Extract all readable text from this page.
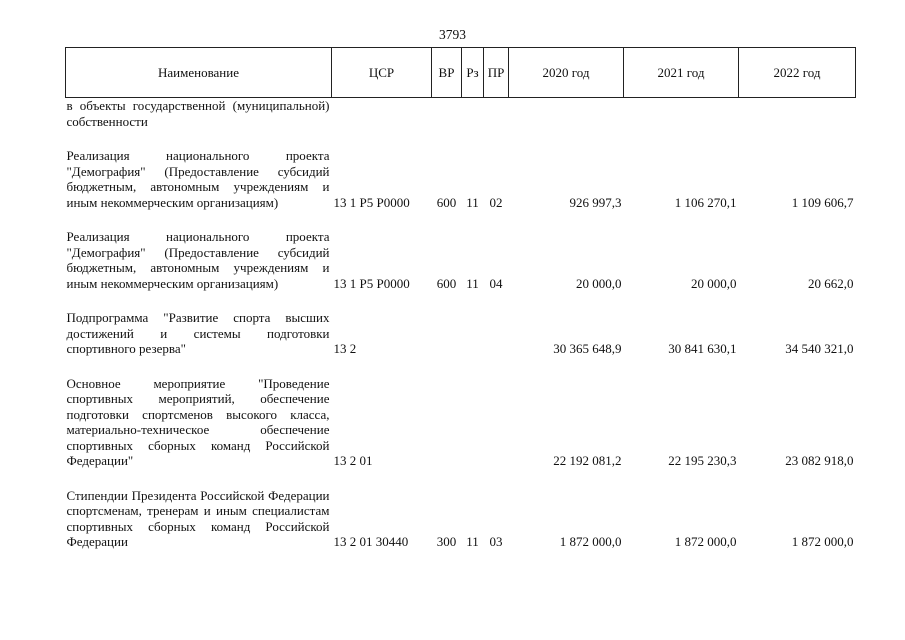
3793
Наименование	ЦСР	ВР	Рз	ПР	2020 год	2021 год	2022 год
в объекты государственной (муниципальной) собственности							

Реализация национального проекта "Демография" (Предоставление субсидий бюджетным, автономным учреждениям и иным некоммерческим организациям)	13 1 P5 P0000	600	11	02	926 997,3	1 106 270,1	1 109 606,7

Реализация национального проекта "Демография" (Предоставление субсидий бюджетным, автономным учреждениям и иным некоммерческим организациям)	13 1 P5 P0000	600	11	04	20 000,0	20 000,0	20 662,0

Подпрограмма "Развитие спорта высших достижений и системы подготовки спортивного резерва"	13 2				30 365 648,9	30 841 630,1	34 540 321,0

Основное мероприятие "Проведение спортивных мероприятий, обеспечение подготовки спортсменов высокого класса, материально-техническое обеспечение спортивных сборных команд Российской Федерации"	13 2 01				22 192 081,2	22 195 230,3	23 082 918,0

Стипендии Президента Российской Федерации спортсменам, тренерам и иным специалистам спортивных сборных команд Российской Федерации	13 2 01 30440	300	11	03	1 872 000,0	1 872 000,0	1 872 000,0
